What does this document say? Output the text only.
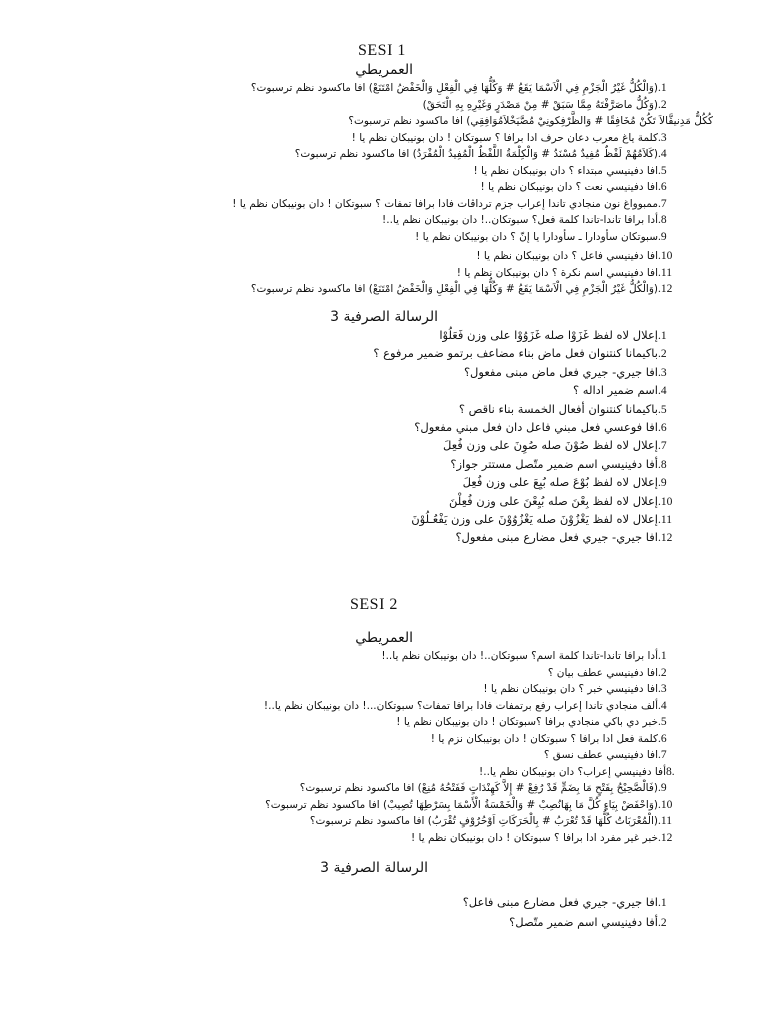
SESI 1
العمريطي
.1
(وَالْكُلُّ غَيْرُ الْجَزْمِ فِي الْاَسْمَا يَقَعُ # وَكُلُّهَا فِي الْفِعْلِ وَالْخَفْضُ امْتَنَعْ) افا ماكسود نظم ترسبوت؟
.2
(وَكُلُّ ماصَرَّفْتَهُ مِمَّا سَبَقْ # مِنْ مَصْدَرٍ وَغَيْرِهِ بِهِ الْتَحَقْ)
كُكُلُّ مَدِنيقَّالاَ تَكُنْ مُخَافِقًا # وَالظَّرْفِكونِيْ مُصَّيَخْلاَمُوَافِقِي) افا ماكسود نظم ترسبوت؟
.3
كلمة ياغ معرب دعان حرف ادا برافا ؟ سبوتكان ! دان بونيبكان نظم يا !
.4
(كَلاَمُهُمْ لَفْظٌ مُفِيدٌ مُسْنَدُ # وَالْكِلْمَةُ اللَّفْظُ الْمُفِيدُ الْمُفْرَدُ) افا ماكسود نظم ترسبوت؟
.5
افا دفينيسي مبتداء ؟ دان بونيبكان نظم يا !
.6
افا دفينيسي نعت ؟ دان بونيبكان نظم يا !
.7
ممبوواغ نون منجادي تاندا إعراب جزم ترداڤات فادا برافا تمفات ؟ سبوتكان ! دان بونيبكان نظم يا !
.8
أدا برافا تاندا-تاندا كلمة فعل؟ سبوتكان..! دان بونيبكان نظم يا..!
.9
سبوتكان سأودارا ـ سأودارا يا إنّ ؟ دان بونيبكان نظم يا !
.10
افا دفينيسي فاعل ؟ دان بونيبكان نظم يا !
.11
افا دفينيسي اسم نكرة ؟ دان بونيبكان نظم يا !
.12
(وَالْكُلُّ غَيْرُ الْجَزْمِ فِي الْاَسْمَا يَقَعُ # وَكُلُّهَا فِي الْفِعْلِ وَالْخَفْضُ امْتَنَعْ) افا ماكسود نظم ترسبوت؟
الرسالة الصرفية 3
.1
إعلال لاه لفظ غَزَوْا صله غَزَوُوْا على وزن فَعَلُوْا
.2
باكيمانا كنتنوان فعل ماض بناء مضاعف برتمو ضمير مرفوع ؟
.3
افا جيري- جيري فعل ماض مبنى مفعول؟
.4
اسم ضمير اداله ؟
.5
باكيمانا كنتنوان أفعال الخمسة بناء ناقص ؟
.6
افا فوعسي فعل مبني فاعل دان فعل مبني مفعول؟
.7
إعلال لاه لفظ صُوْنَ صله صُوِنَ على وزن فُعِلَ
.8
أفا دفينيسي اسم ضمير متّصل مستتر جواز؟
.9
إعلال لاه لفظ بُوْعَ صله بُيِعَ على وزن فُعِلَ
.10
إعلال لاه لفظ بِعْنَ صله بُيِعْنَ على وزن فُعِلْنَ
.11
إعلال لاه لفظ يَغْزُوْنَ صله يَغْزُوُوْنَ على وزن يَفْعُـلُوْنَ
.12
افا جيري- جيري فعل مضارع مبنى مفعول؟
SESI 2
العمريطي
.1
أدا برافا تاندا-تاندا كلمة اسم؟ سبوتكان..! دان بونيبكان نظم يا..!
.2
افا دفينيسي عطف بيان ؟
.3
افا دفينيسي خبر ؟ دان بونيبكان نظم يا !
.4
ألف منجادي تاندا إعراب رفع برتمفات فادا برافا تمفات؟ سبوتكان...! دان بونيبكان نظم يا..!
.5
خبر دي باكي منجادي برافا ؟سبوتكان ! دان بونيبكان نظم يا !
.6
كلمة فعل ادا برافا ؟ سبوتكان ! دان بونيبكان نزم يا !
.7
افا دفينيسي عطف نسق ؟
8.
أفا دفينيسي إعراب؟ دان بونيبكان نظم يا..!
.9
(فَالْصَّحِيْحُ بِفَتْحٍ مَا بِضَمٍّ قَدْ رُفِعْ # إِلاَّ كَهِنْدَاتٍ فَفَتْحُهُ مُنِعْ) افا ماكسود نظم ترسبوت؟
.10
(وَاحْفَضْ بِيَاءٍ كُلَّ مَا بِهَانُصِبْ # وَالْخَمْسَةُ الْأَسْمَا بِسَرْطِهَا تُصِيبْ) افا ماكسود نظم ترسبوت؟
.11
(الْمُعْرَبَاتُ كُلُّهَا قَدْ تُعْرَبُ # بِالْحَرَكَاتِ اَوْحُرُوْفٍ تُقْرَبُ) افا ماكسود نظم ترسبوت؟
.12
خبر غير مفرد ادا برافا ؟ سبوتكان ! دان بونيبكان نظم يا !
الرسالة الصرفية 3
.1
افا جيري- جيري فعل مضارع مبنى فاعل؟
.2
أفا دفينيسي اسم ضمير متّصل؟
